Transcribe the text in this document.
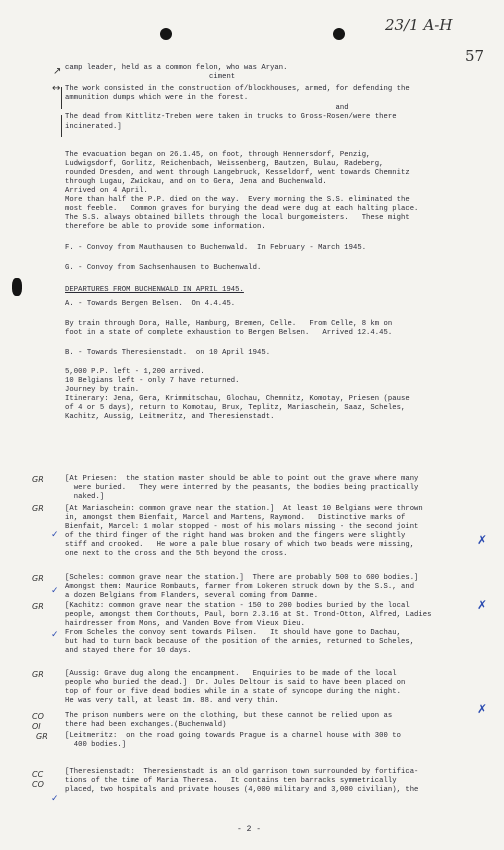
23/1 A-H
57
↗
↔
camp leader, held as a common felon, who was Aryan.
ciment
The work consisted in the construction of/blockhouses, armed, for defending the
ammunition dumps which were in the forest.
and
The dead from Kittlitz-Treben were taken in trucks to Gross-Rosen/were there
incinerated.]
The evacuation began on 26.1.45, on foot, through Hennersdorf, Penzig,
Ludwigsdorf, Gorlitz, Reichenbach, Weissenberg, Bautzen, Bulau, Radeberg,
rounded Dresden, and went through Langebruck, Kesseldorf, went towards Chemnitz
through Lugau, Zwickau, and on to Gera, Jena and Buchenwald.
Arrived on 4 April.
More than half the P.P. died on the way.  Every morning the S.S. eliminated the
most feeble.   Common graves for burying the dead were dug at each halting place.
The S.S. always obtained billets through the local burgomeisters.   These might
therefore be able to provide some information.
F. - Convoy from Mauthausen to Buchenwald.  In February - March 1945.
G. - Convoy from Sachsenhausen to Buchenwald.
DEPARTURES FROM BUCHENWALD IN APRIL 1945.
A. - Towards Bergen Belsen.  On 4.4.45.
By train through Dora, Halle, Hamburg, Bremen, Celle.   From Celle, 8 km on
foot in a state of complete exhaustion to Bergen Belsen.   Arrived 12.4.45.
B. - Towards Theresienstadt.  on 10 April 1945.
5,000 P.P. left - 1,200 arrived.
10 Belgians left - only 7 have returned.
Journey by train.
Itinerary: Jena, Gera, Krimmitschau, Glochau, Chemnitz, Komotay, Priesen (pause
of 4 or 5 days), return to Komotau, Brux, Teplitz, Mariaschein, Saaz, Scheles,
Kachitz, Aussig, Leitmeritz, and Theresienstadt.
[At Priesen:  the station master should be able to point out the grave where many
were buried.   They were interred by the peasants, the bodies being practically
naked.]
[At Mariaschein: common grave near the station.]  At least 10 Belgians were thrown
in, amongst them Bienfait, Marcel and Martens, Raymond.   Distinctive marks of
Bienfait, Marcel: 1 molar stopped - most of his molars missing - the second joint
of the third finger of the right hand was broken and the fingers were slightly
stiff and crooked.   He wore a pale blue rosary of which two beads were missing,
one next to the cross and the 5th beyond the cross.
[Scheles: common grave near the station.]  There are probably 500 to 600 bodies.]
Amongst them: Maurice Rombauts, farmer from Lokeren struck down by the S.S., and
a dozen Belgians from Flanders, several coming from Damme.
[Kachitz: common grave near the station - 150 to 200 bodies buried by the local
people, amongst them Corthouts, Paul, born 2.3.16 at St. Trond-Otton, Alfred, Ladies
hairdresser from Mons, and Vanden Bove from Vieux Dieu.
From Scheles the convoy sent towards Pilsen.   It should have gone to Dachau,
but had to turn back because of the position of the armies, returned to Scheles,
and stayed there for 10 days.
[Aussig: Grave dug along the encampment.   Enquiries to be made of the local
people who buried the dead.]  Dr. Jules Deltour is said to have been placed on
top of four or five dead bodies while in a state of syncope during the night.
He was very tall, at least 1m. 88. and very thin.
The prison numbers were on the clothing, but these cannot be relied upon as
there had been exchanges.(Buchenwald)
[Leitmeritz:  on the road going towards Prague is a charnel house with 300 to
400 bodies.]
[Theresienstadt:  Theresienstadt is an old garrison town surrounded by fortifica-
tions of the time of Maria Theresa.   It contains ten barracks symmetrically
placed, two hospitals and private houses (4,000 military and 3,000 civilian), the
GR
GR
GR
GR
GR
CO
OI
GR
CC
CO
✓
✓
✓
✓
✗
✗
✗
- 2 -
